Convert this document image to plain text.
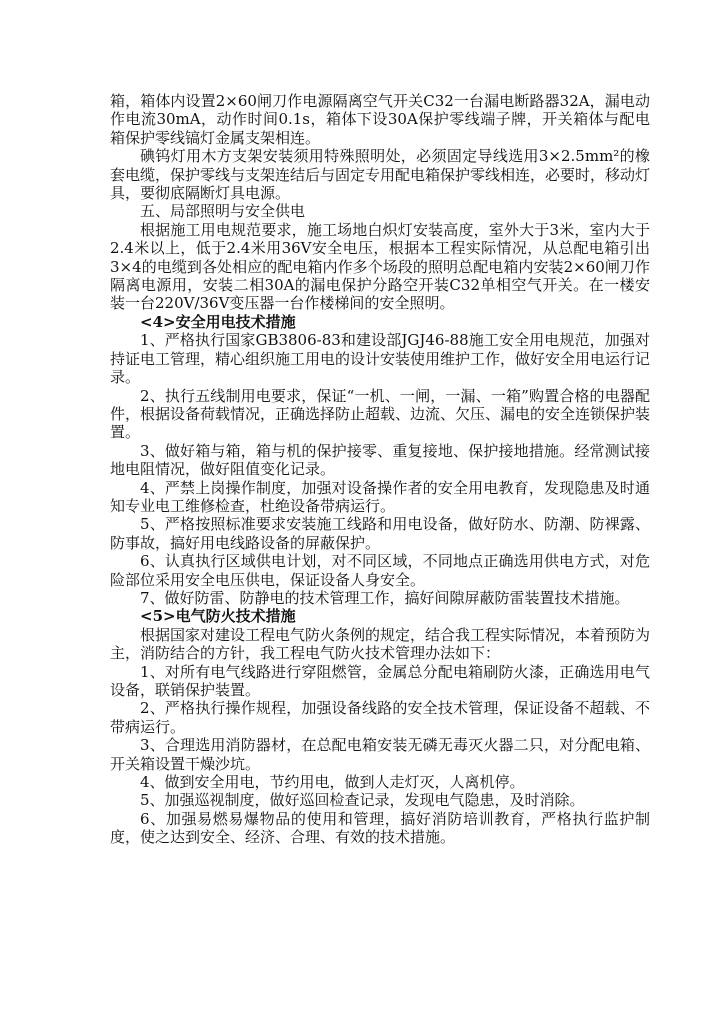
箱，箱体内设置2×60闸刀作电源隔离空气开关C32一台漏电断路器32A，漏电动作电流30mA，动作时间0.1s，箱体下设30A保护零线端子牌，开关箱体与配电箱保护零线镐灯金属支架相连。

碘钨灯用木方支架安装须用特殊照明处，必须固定导线选用3×2.5mm²的橡套电缆，保护零线与支架连结后与固定专用配电箱保护零线相连，必要时，移动灯具，要彻底隔断灯具电源。

五、局部照明与安全供电

根据施工用电规范要求，施工场地白炽灯安装高度，室外大于3米，室内大于2.4米以上，低于2.4米用36V安全电压，根据本工程实际情况，从总配电箱引出3×4的电缆到各处相应的配电箱内作多个场段的照明总配电箱内安装2×60闸刀作隔离电源用，安装二相30A的漏电保护分路空开装C32单相空气开关。在一楼安装一台220V/36V变压器一台作楼梯间的安全照明。

<4>安全用电技术措施

1、严格执行国家GB3806-83和建设部JGJ46-88施工安全用电规范，加强对持证电工管理，精心组织施工用电的设计安装使用维护工作，做好安全用电运行记录。

2、执行五线制用电要求，保证“一机、一闸，一漏、一箱”购置合格的电器配件，根据设备荷载情况，正确选择防止超载、边流、欠压、漏电的安全连锁保护装置。

3、做好箱与箱，箱与机的保护接零、重复接地、保护接地措施。经常测试接地电阻情况，做好阻值变化记录。

4、严禁上岗操作制度，加强对设备操作者的安全用电教育，发现隐患及时通知专业电工维修检查，杜绝设备带病运行。

5、严格按照标准要求安装施工线路和用电设备，做好防水、防潮、防裸露、防事故，搞好用电线路设备的屏蔽保护。

6、认真执行区域供电计划，对不同区域，不同地点正确选用供电方式，对危险部位采用安全电压供电，保证设备人身安全。

7、做好防雷、防静电的技术管理工作，搞好间隙屏蔽防雷装置技术措施。

<5>电气防火技术措施

根据国家对建设工程电气防火条例的规定，结合我工程实际情况，本着预防为主，消防结合的方针，我工程电气防火技术管理办法如下：

1、对所有电气线路进行穿阻燃管，金属总分配电箱刷防火漆，正确选用电气设备，联销保护装置。

2、严格执行操作规程，加强设备线路的安全技术管理，保证设备不超载、不带病运行。

3、合理选用消防器材，在总配电箱安装无磷无毒灭火器二只，对分配电箱、开关箱设置干燥沙坑。

4、做到安全用电，节约用电，做到人走灯灭，人离机停。

5、加强巡视制度，做好巡回检查记录，发现电气隐患，及时消除。

6、加强易燃易爆物品的使用和管理，搞好消防培训教育，严格执行监护制度，使之达到安全、经济、合理、有效的技术措施。
